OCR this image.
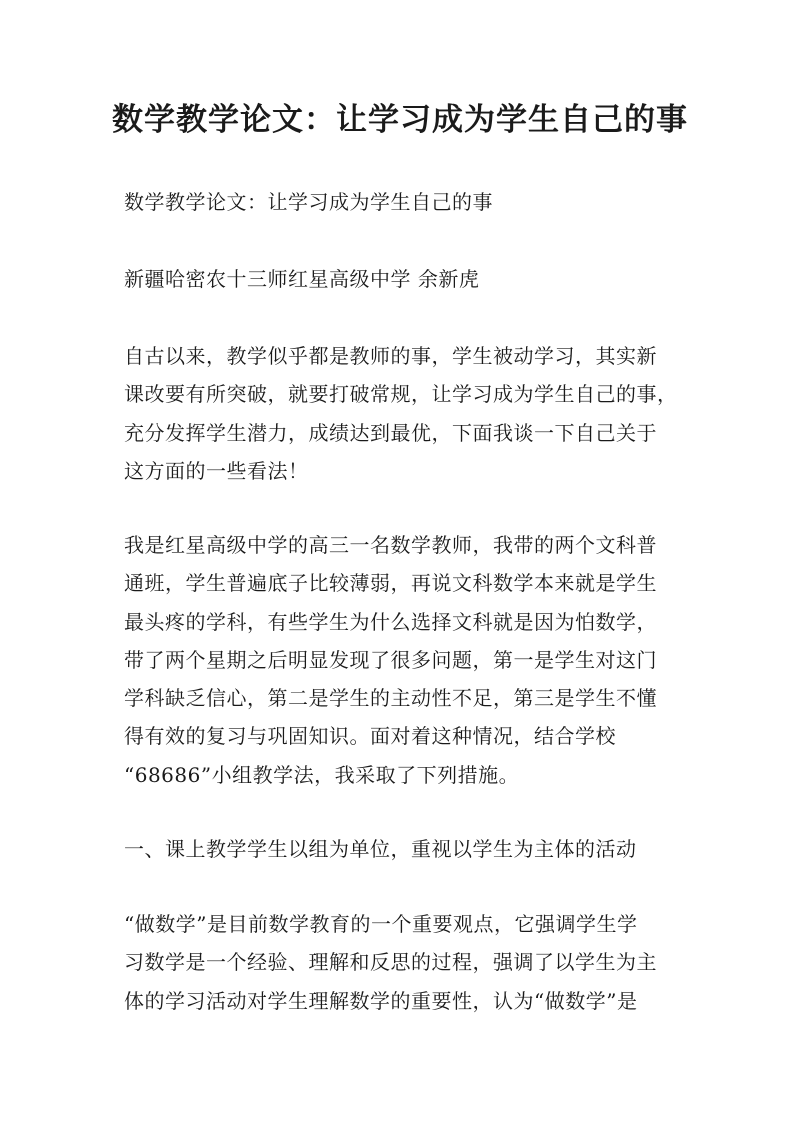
数学教学论文：让学习成为学生自己的事

数学教学论文：让学习成为学生自己的事

新疆哈密农十三师红星高级中学 余新虎

自古以来，教学似乎都是教师的事，学生被动学习，其实新
课改要有所突破，就要打破常规，让学习成为学生自己的事，
充分发挥学生潜力，成绩达到最优，下面我谈一下自己关于
这方面的一些看法！

我是红星高级中学的高三一名数学教师，我带的两个文科普
通班，学生普遍底子比较薄弱，再说文科数学本来就是学生
最头疼的学科，有些学生为什么选择文科就是因为怕数学，
带了两个星期之后明显发现了很多问题，第一是学生对这门
学科缺乏信心，第二是学生的主动性不足，第三是学生不懂
得有效的复习与巩固知识。面对着这种情况，结合学校
“68686”小组教学法，我采取了下列措施。

一、课上教学学生以组为单位，重视以学生为主体的活动

“做数学”是目前数学教育的一个重要观点，它强调学生学
习数学是一个经验、理解和反思的过程，强调了以学生为主
体的学习活动对学生理解数学的重要性，认为“做数学”是
